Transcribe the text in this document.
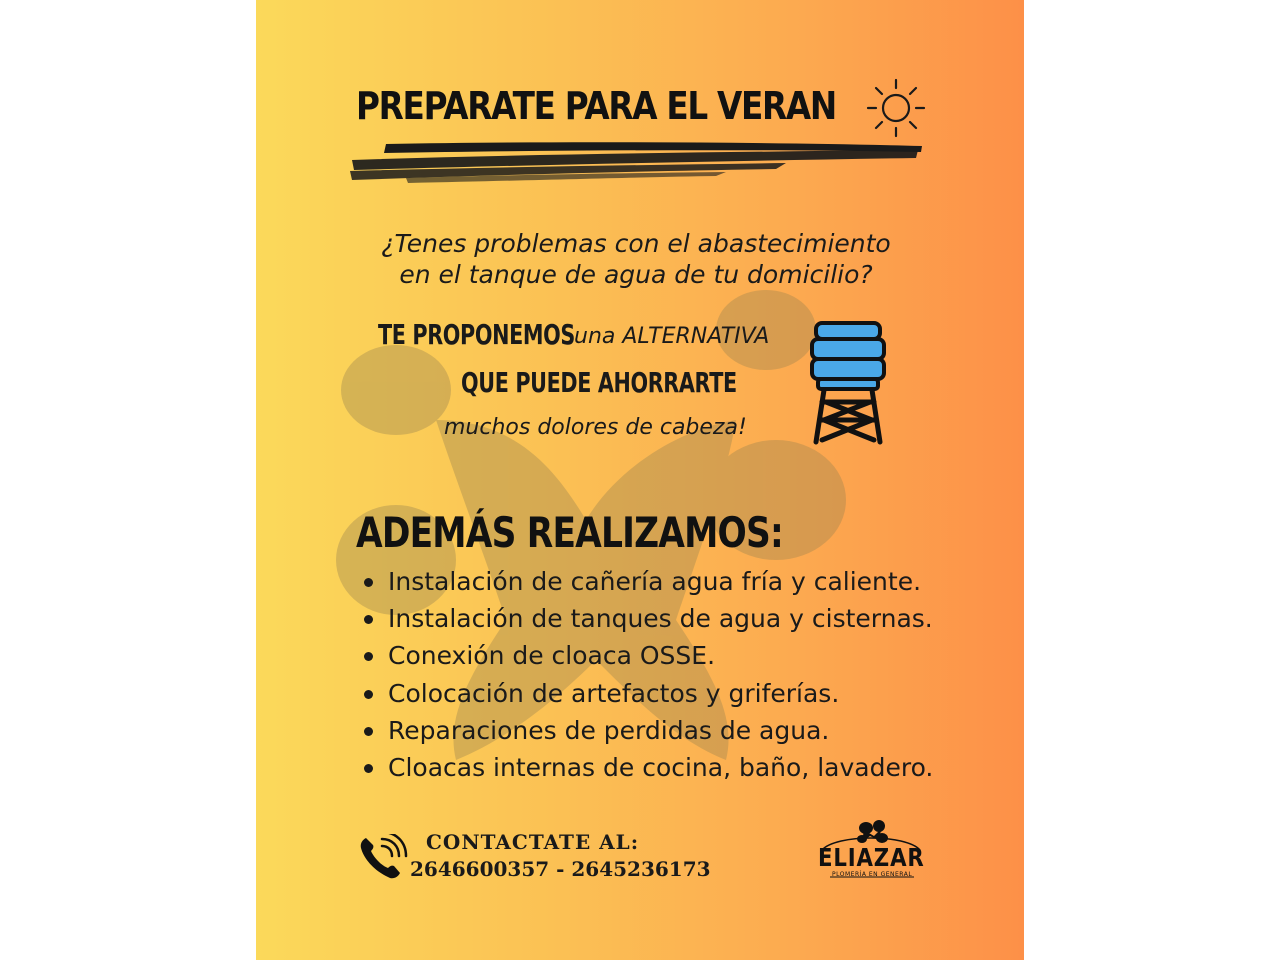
PREPARATE PARA EL VERAN
¿Tenes problemas con el abastecimiento
en el tanque de agua de tu domicilio?
TE PROPONEMOS una ALTERNATIVA
QUE PUEDE AHORRARTE
muchos dolores de cabeza!
ADEMÁS REALIZAMOS:
Instalación de cañería agua fría y caliente.
Instalación de tanques de agua y cisternas.
Conexión de cloaca OSSE.
Colocación de artefactos y griferías.
Reparaciones de perdidas de agua.
Cloacas internas de cocina, baño, lavadero.
CONTACTATE AL:
2646600357 - 2645236173	ELIAZAR
PLOMERÍA EN GENERAL
